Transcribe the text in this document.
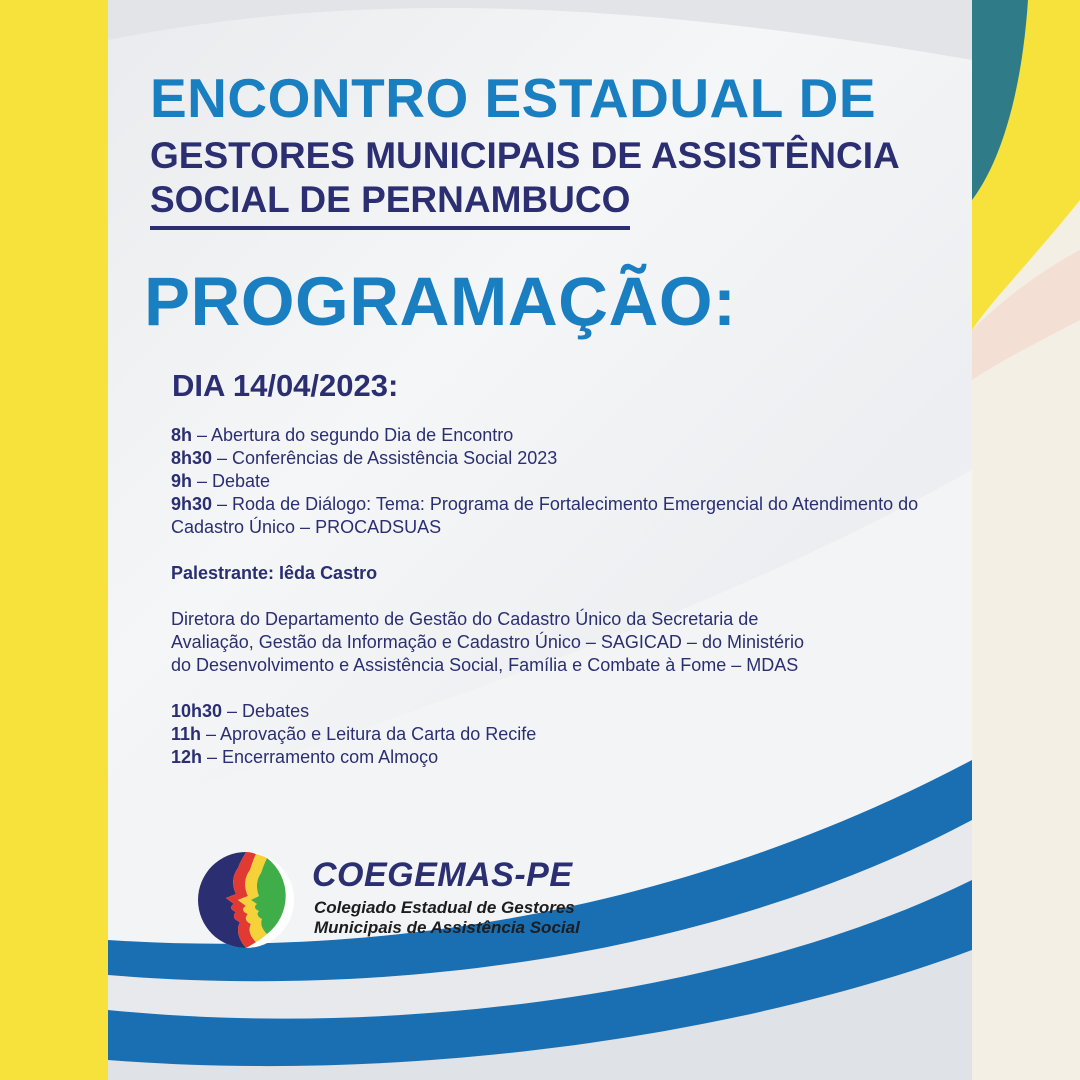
ENCONTRO ESTADUAL DE
GESTORES MUNICIPAIS DE ASSISTÊNCIA
SOCIAL DE PERNAMBUCO
PROGRAMAÇÃO:
DIA 14/04/2023:
8h – Abertura do segundo Dia de Encontro
8h30 – Conferências de Assistência Social 2023
9h – Debate
9h30 – Roda de Diálogo: Tema: Programa de Fortalecimento Emergencial do Atendimento do Cadastro Único – PROCADSUAS
Palestrante: Iêda Castro
Diretora do Departamento de Gestão do Cadastro Único da Secretaria de
Avaliação, Gestão da Informação e Cadastro Único – SAGICAD – do Ministério
do Desenvolvimento e Assistência Social, Família e Combate à Fome – MDAS
10h30 – Debates
11h – Aprovação e Leitura da Carta do Recife
12h – Encerramento com Almoço
COEGEMAS-PE

Colegiado Estadual de Gestores
Municipais de Assistência Social
